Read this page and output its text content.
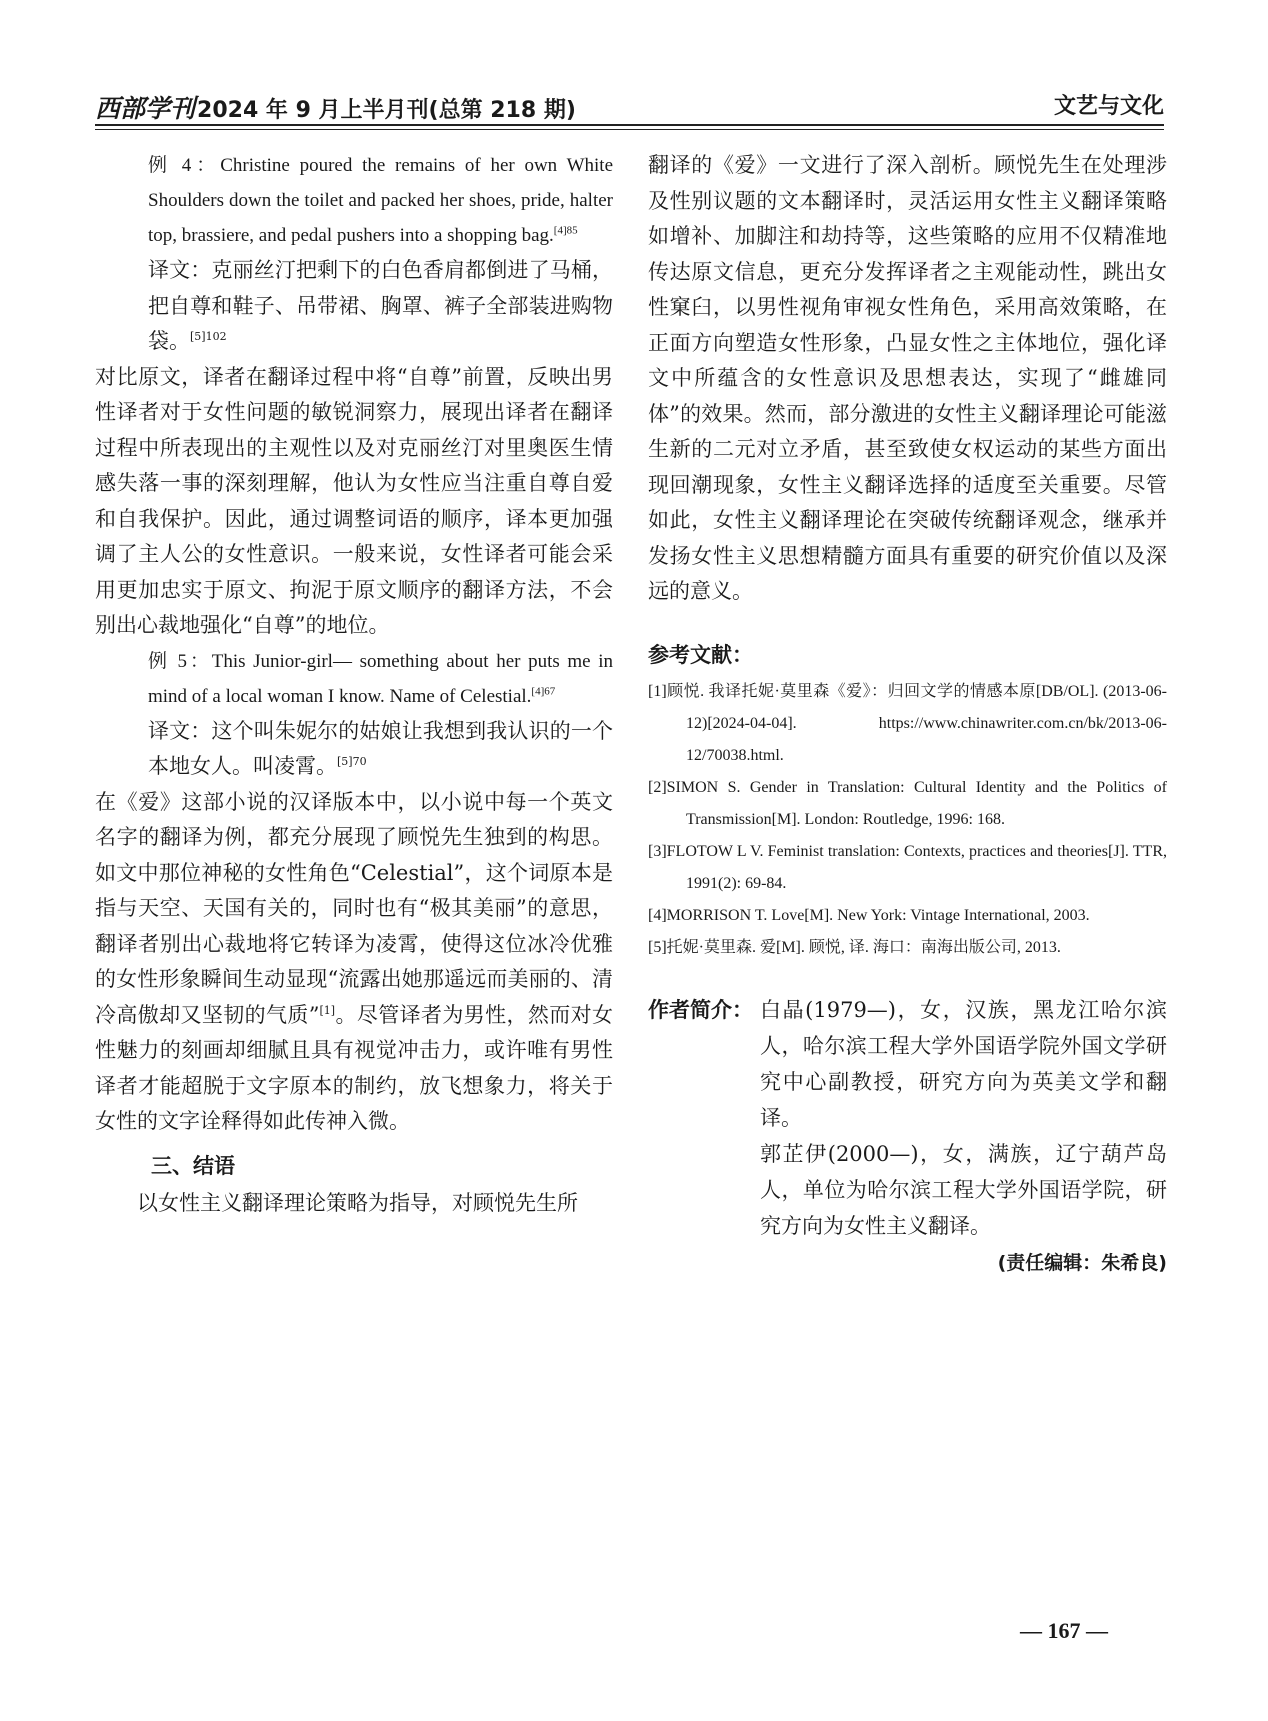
西部学刊2024 年 9 月上半月刊(总第 218 期)	文艺与文化

例 4：Christine poured the remains of her own White Shoulders down the toilet and packed her shoes, pride, halter top, brassiere, and pedal pushers into a shopping bag.$^{[4]85}$

译文：克丽丝汀把剩下的白色香肩都倒进了马桶，把自尊和鞋子、吊带裙、胸罩、裤子全部装进购物袋。$^{[5]102}$

对比原文，译者在翻译过程中将“自尊”前置，反映出男性译者对于女性问题的敏锐洞察力，展现出译者在翻译过程中所表现出的主观性以及对克丽丝汀对里奥医生情感失落一事的深刻理解，他认为女性应当注重自尊自爱和自我保护。因此，通过调整词语的顺序，译本更加强调了主人公的女性意识。一般来说，女性译者可能会采用更加忠实于原文、拘泥于原文顺序的翻译方法，不会别出心裁地强化“自尊”的地位。

例 5：This Junior-girl— something about her puts me in mind of a local woman I know. Name of Celestial.$^{[4]67}$

译文：这个叫朱妮尔的姑娘让我想到我认识的一个本地女人。叫凌霄。$^{[5]70}$

在《爱》这部小说的汉译版本中，以小说中每一个英文名字的翻译为例，都充分展现了顾悦先生独到的构思。如文中那位神秘的女性角色“Celestial”，这个词原本是指与天空、天国有关的，同时也有“极其美丽”的意思，翻译者别出心裁地将它转译为凌霄，使得这位冰冷优雅的女性形象瞬间生动显现“流露出她那遥远而美丽的、清冷高傲却又坚韧的气质”[1]。尽管译者为男性，然而对女性魅力的刻画却细腻且具有视觉冲击力，或许唯有男性译者才能超脱于文字原本的制约，放飞想象力，将关于女性的文字诠释得如此传神入微。

三、结语

以女性主义翻译理论策略为指导，对顾悦先生所

翻译的《爱》一文进行了深入剖析。顾悦先生在处理涉及性别议题的文本翻译时，灵活运用女性主义翻译策略如增补、加脚注和劫持等，这些策略的应用不仅精准地传达原文信息，更充分发挥译者之主观能动性，跳出女性窠臼，以男性视角审视女性角色，采用高效策略，在正面方向塑造女性形象，凸显女性之主体地位，强化译文中所蕴含的女性意识及思想表达，实现了“雌雄同体”的效果。然而，部分激进的女性主义翻译理论可能滋生新的二元对立矛盾，甚至致使女权运动的某些方面出现回潮现象，女性主义翻译选择的适度至关重要。尽管如此，女性主义翻译理论在突破传统翻译观念，继承并发扬女性主义思想精髓方面具有重要的研究价值以及深远的意义。

参考文献：

[1]顾悦. 我译托妮·莫里森《爱》：归回文学的情感本原[DB/OL]. (2013-06-12)[2024-04-04]. https://www.chinawriter.com.cn/bk/2013-06-12/70038.html.

[2]SIMON S. Gender in Translation: Cultural Identity and the Politics of Transmission[M]. London: Routledge, 1996: 168.

[3]FLOTOW L V. Feminist translation: Contexts, practices and theories[J]. TTR, 1991(2): 69-84.

[4]MORRISON T. Love[M]. New York: Vintage International, 2003.

[5]托妮·莫里森. 爱[M]. 顾悦, 译. 海口：南海出版公司, 2013.

作者简介： 白晶(1979—)，女，汉族，黑龙江哈尔滨人，哈尔滨工程大学外国语学院外国文学研究中心副教授，研究方向为英美文学和翻译。

郭芷伊(2000—)，女，满族，辽宁葫芦岛人，单位为哈尔滨工程大学外国语学院，研究方向为女性主义翻译。

(责任编辑：朱希良)
— 167 —
